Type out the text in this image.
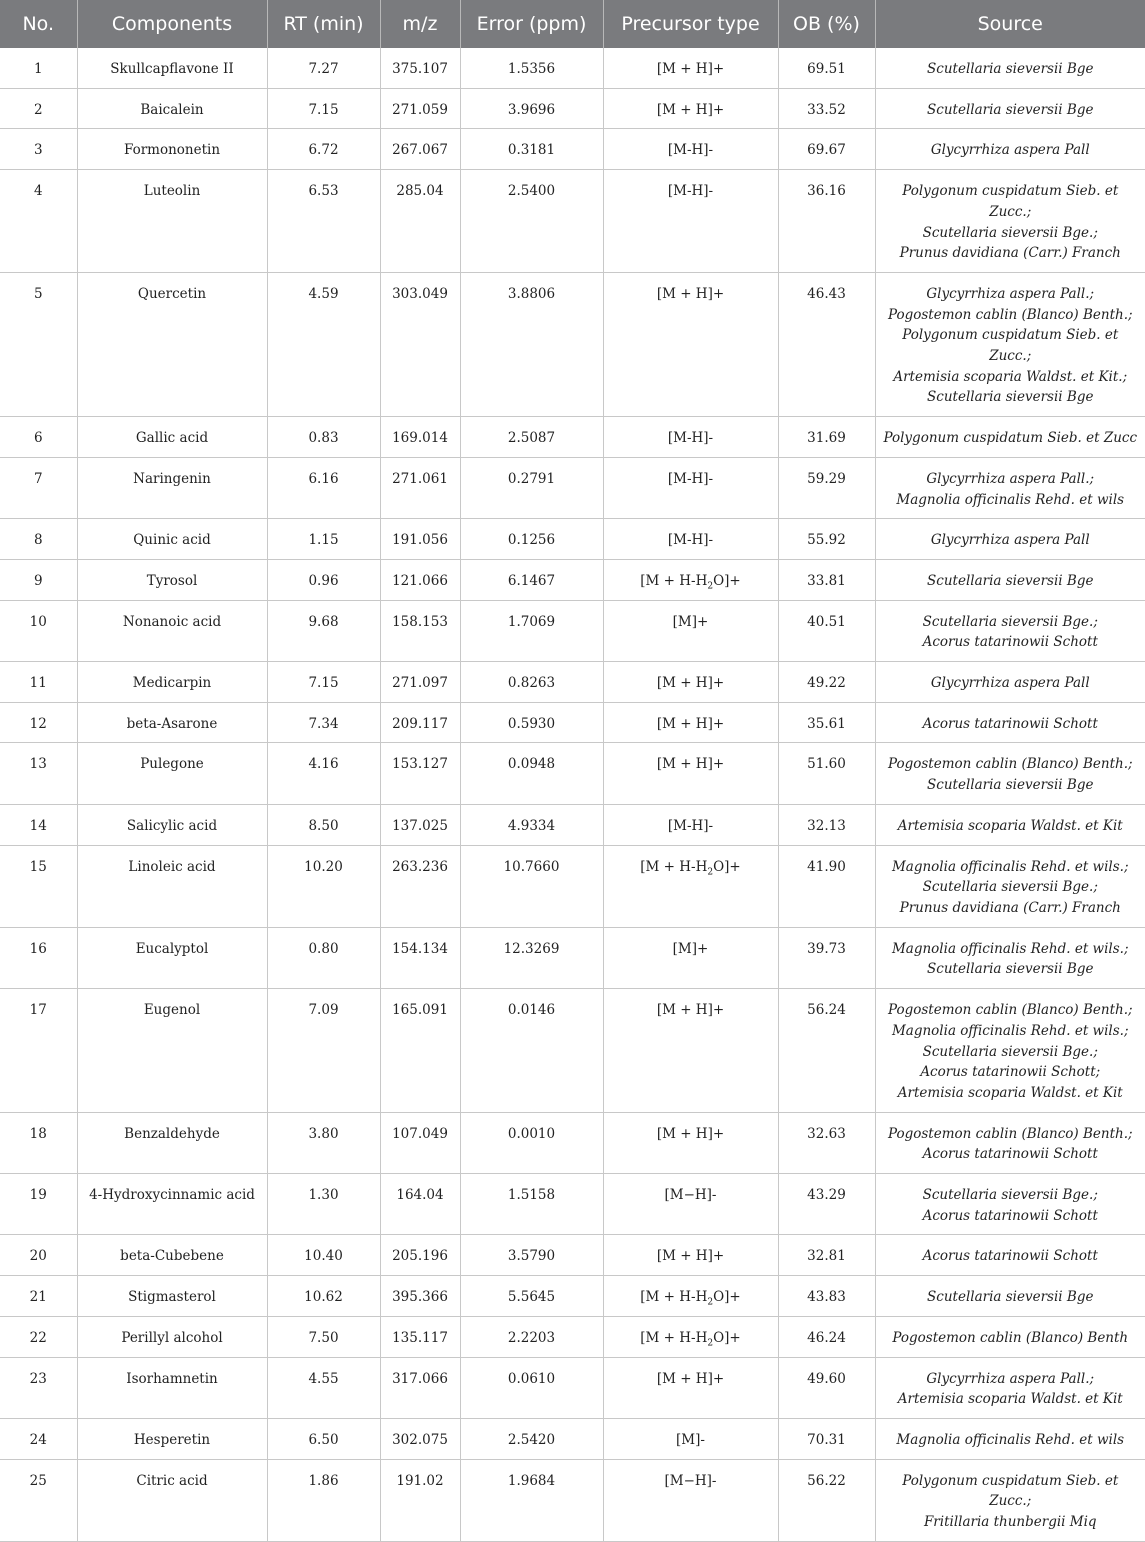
No.	Components	RT (min)	m/z	Error (ppm)	Precursor type	OB (%)	Source
1	Skullcapflavone II	7.27	375.107	1.5356	[M + H]+	69.51	Scutellaria sieversii Bge
2	Baicalein	7.15	271.059	3.9696	[M + H]+	33.52	Scutellaria sieversii Bge
3	Formononetin	6.72	267.067	0.3181	[M-H]-	69.67	Glycyrrhiza aspera Pall
4	Luteolin	6.53	285.04	2.5400	[M-H]-	36.16	Polygonum cuspidatum Sieb. et Zucc.;
Scutellaria sieversii Bge.;
Prunus davidiana (Carr.) Franch
5	Quercetin	4.59	303.049	3.8806	[M + H]+	46.43	Glycyrrhiza aspera Pall.;
Pogostemon cablin (Blanco) Benth.;
Polygonum cuspidatum Sieb. et Zucc.;
Artemisia scoparia Waldst. et Kit.;
Scutellaria sieversii Bge
6	Gallic acid	0.83	169.014	2.5087	[M-H]-	31.69	Polygonum cuspidatum Sieb. et Zucc
7	Naringenin	6.16	271.061	0.2791	[M-H]-	59.29	Glycyrrhiza aspera Pall.;
Magnolia officinalis Rehd. et wils
8	Quinic acid	1.15	191.056	0.1256	[M-H]-	55.92	Glycyrrhiza aspera Pall
9	Tyrosol	0.96	121.066	6.1467	$[M + H-H_2O]+$	33.81	Scutellaria sieversii Bge
10	Nonanoic acid	9.68	158.153	1.7069	[M]+	40.51	Scutellaria sieversii Bge.;
Acorus tatarinowii Schott
11	Medicarpin	7.15	271.097	0.8263	[M + H]+	49.22	Glycyrrhiza aspera Pall
12	beta-Asarone	7.34	209.117	0.5930	[M + H]+	35.61	Acorus tatarinowii Schott
13	Pulegone	4.16	153.127	0.0948	[M + H]+	51.60	Pogostemon cablin (Blanco) Benth.;
Scutellaria sieversii Bge
14	Salicylic acid	8.50	137.025	4.9334	[M-H]-	32.13	Artemisia scoparia Waldst. et Kit
15	Linoleic acid	10.20	263.236	10.7660	$[M + H-H_2O]+$	41.90	Magnolia officinalis Rehd. et wils.;
Scutellaria sieversii Bge.;
Prunus davidiana (Carr.) Franch
16	Eucalyptol	0.80	154.134	12.3269	[M]+	39.73	Magnolia officinalis Rehd. et wils.;
Scutellaria sieversii Bge
17	Eugenol	7.09	165.091	0.0146	[M + H]+	56.24	Pogostemon cablin (Blanco) Benth.;
Magnolia officinalis Rehd. et wils.;
Scutellaria sieversii Bge.;
Acorus tatarinowii Schott;
Artemisia scoparia Waldst. et Kit
18	Benzaldehyde	3.80	107.049	0.0010	[M + H]+	32.63	Pogostemon cablin (Blanco) Benth.;
Acorus tatarinowii Schott
19	4-Hydroxycinnamic acid	1.30	164.04	1.5158	[M−H]-	43.29	Scutellaria sieversii Bge.;
Acorus tatarinowii Schott
20	beta-Cubebene	10.40	205.196	3.5790	[M + H]+	32.81	Acorus tatarinowii Schott
21	Stigmasterol	10.62	395.366	5.5645	$[M + H-H_2O]+$	43.83	Scutellaria sieversii Bge
22	Perillyl alcohol	7.50	135.117	2.2203	$[M + H-H_2O]+$	46.24	Pogostemon cablin (Blanco) Benth
23	Isorhamnetin	4.55	317.066	0.0610	[M + H]+	49.60	Glycyrrhiza aspera Pall.;
Artemisia scoparia Waldst. et Kit
24	Hesperetin	6.50	302.075	2.5420	[M]-	70.31	Magnolia officinalis Rehd. et wils
25	Citric acid	1.86	191.02	1.9684	[M−H]-	56.22	Polygonum cuspidatum Sieb. et Zucc.;
Fritillaria thunbergii Miq
